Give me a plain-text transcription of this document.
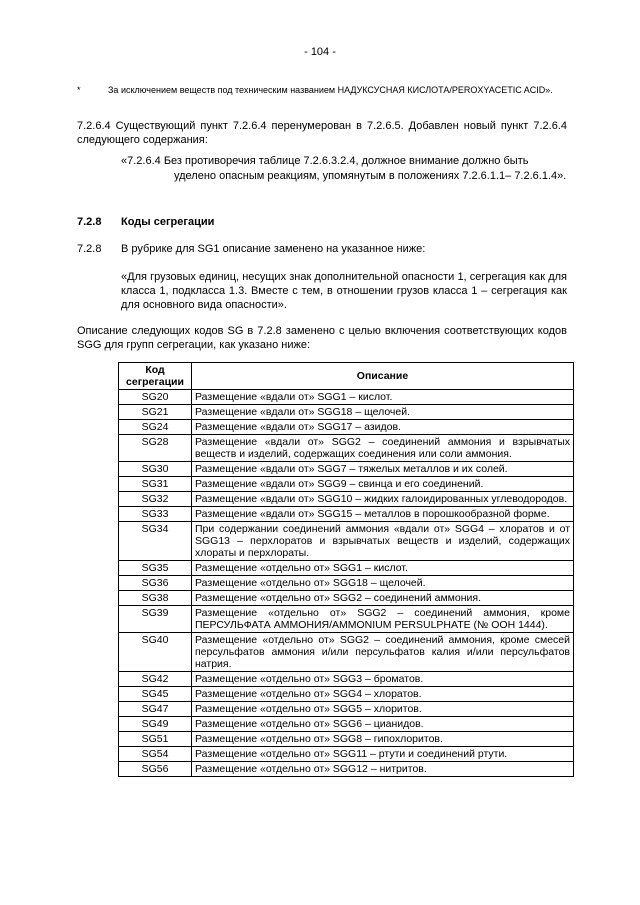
- 104 -
*	За исключением веществ под техническим названием НАДУКСУСНАЯ КИСЛОТА/PEROXYACETIC ACID».
7.2.6.4 Существующий пункт 7.2.6.4 перенумерован в 7.2.6.5. Добавлен новый пункт 7.2.6.4 следующего содержания:
«7.2.6.4 Без противоречия таблице 7.2.6.3.2.4, должное внимание должно быть
уделено опасным реакциям, упомянутым в положениях 7.2.6.1.1– 7.2.6.1.4».
7.2.8	Коды сегрегации
7.2.8 В рубрике для SG1 описание заменено на указанное ниже:
«Для грузовых единиц, несущих знак дополнительной опасности 1, сегрегация как для класса 1, подкласса 1.3. Вместе с тем, в отношении грузов класса 1 – сегрегация как для основного вида опасности».
Описание следующих кодов SG в 7.2.8 заменено с целью включения соответствующих кодов SGG для групп сегрегации, как указано ниже:
Код сегрегации	Описание
SG20	Размещение «вдали от» SGG1 – кислот.
SG21	Размещение «вдали от» SGG18 – щелочей.
SG24	Размещение «вдали от» SGG17 – азидов.
SG28	Размещение «вдали от» SGG2 – соединений аммония и взрывчатых веществ и изделий, содержащих соединения или соли аммония.
SG30	Размещение «вдали от» SGG7 – тяжелых металлов и их солей.
SG31	Размещение «вдали от» SGG9 – свинца и его соединений.
SG32	Размещение «вдали от» SGG10 – жидких галоидированных углеводородов.
SG33	Размещение «вдали от» SGG15 – металлов в порошкообразной форме.
SG34	При содержании соединений аммония «вдали от» SGG4 – хлоратов и от SGG13 – перхлоратов и взрывчатых веществ и изделий, содержащих хлораты и перхлораты.
SG35	Размещение «отдельно от» SGG1 – кислот.
SG36	Размещение «отдельно от» SGG18 – щелочей.
SG38	Размещение «отдельно от» SGG2 – соединений аммония.
SG39	Размещение «отдельно от» SGG2 – соединений аммония, кроме ПЕРСУЛЬФАТА АММОНИЯ/AMMONIUM PERSULPHATE (№ ООН 1444).
SG40	Размещение «отдельно от» SGG2 – соединений аммония, кроме смесей персульфатов аммония и/или персульфатов калия и/или персульфатов натрия.
SG42	Размещение «отдельно от» SGG3 – броматов.
SG45	Размещение «отдельно от» SGG4 – хлоратов.
SG47	Размещение «отдельно от» SGG5 – хлоритов.
SG49	Размещение «отдельно от» SGG6 – цианидов.
SG51	Размещение «отдельно от» SGG8 – гипохлоритов.
SG54	Размещение «отдельно от» SGG11 – ртути и соединений ртути.
SG56	Размещение «отдельно от» SGG12 – нитритов.
